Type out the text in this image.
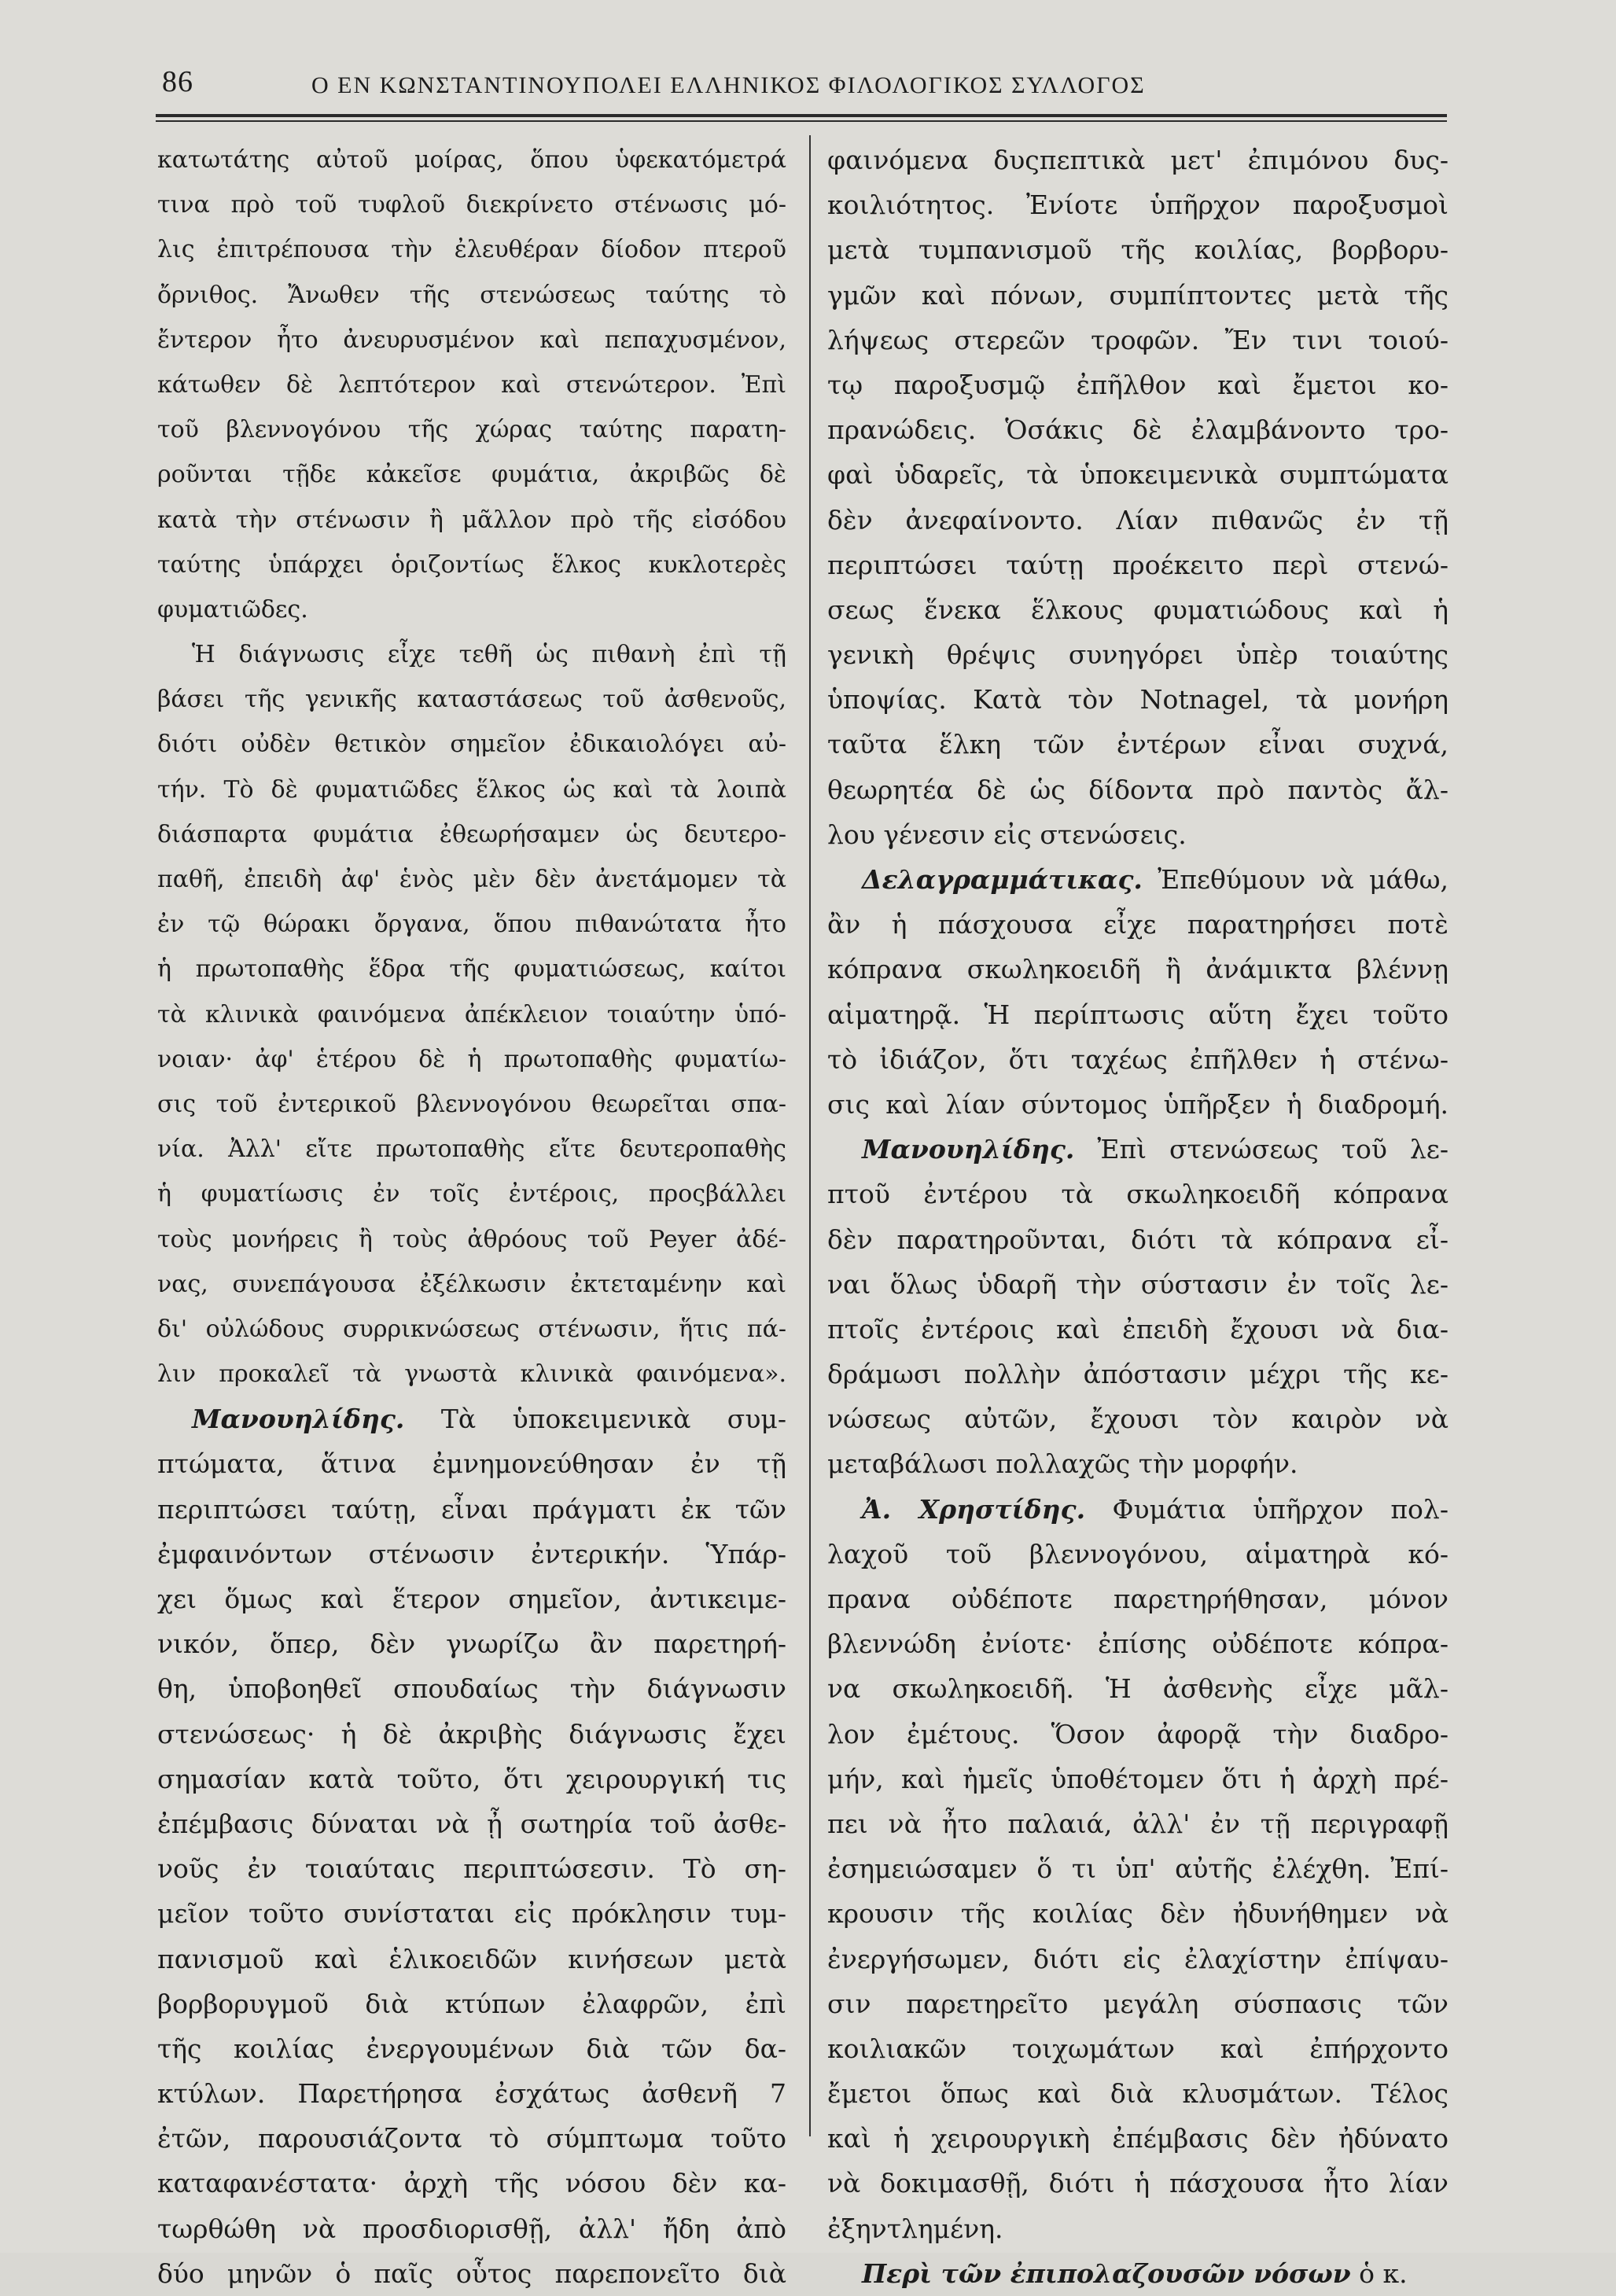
86	Ο ΕΝ ΚΩΝΣΤΑΝΤΙΝΟΥΠΟΛΕΙ ΕΛΛΗΝΙΚΟΣ ΦΙΛΟΛΟΓΙΚΟΣ ΣΥΛΛΟΓΟΣ
κατωτάτης αὐτοῦ μοίρας, ὅπου ὑφεκατόμετρά
τινα πρὸ τοῦ τυφλοῦ διεκρίνετο στένωσις μό-
λις ἐπιτρέπουσα τὴν ἐλευθέραν δίοδον πτεροῦ
ὄρνιθος. Ἄνωθεν τῆς στενώσεως ταύτης τὸ
ἔντερον ἦτο ἀνευρυσμένον καὶ πεπαχυσμένον,
κάτωθεν δὲ λεπτότερον καὶ στενώτερον. Ἐπὶ
τοῦ βλεννογόνου τῆς χώρας ταύτης παρατη-
ροῦνται τῇδε κἀκεῖσε φυμάτια, ἀκριβῶς δὲ
κατὰ τὴν στένωσιν ἢ μᾶλλον πρὸ τῆς εἰσόδου
ταύτης ὑπάρχει ὁριζοντίως ἕλκος κυκλοτερὲς
φυματιῶδες.
Ἡ διάγνωσις εἶχε τεθῆ ὡς πιθανὴ ἐπὶ τῇ
βάσει τῆς γενικῆς καταστάσεως τοῦ ἀσθενοῦς,
διότι οὐδὲν θετικὸν σημεῖον ἐδικαιολόγει αὐ-
τήν. Τὸ δὲ φυματιῶδες ἕλκος ὡς καὶ τὰ λοιπὰ
διάσπαρτα φυμάτια ἐθεωρήσαμεν ὡς δευτερο-
παθῆ, ἐπειδὴ ἀφ' ἑνὸς μὲν δὲν ἀνετάμομεν τὰ
ἐν τῷ θώρακι ὄργανα, ὅπου πιθανώτατα ἦτο
ἡ πρωτοπαθὴς ἕδρα τῆς φυματιώσεως, καίτοι
τὰ κλινικὰ φαινόμενα ἀπέκλειον τοιαύτην ὑπό-
νοιαν· ἀφ' ἑτέρου δὲ ἡ πρωτοπαθὴς φυματίω-
σις τοῦ ἐντερικοῦ βλεννογόνου θεωρεῖται σπα-
νία. Ἀλλ' εἴτε πρωτοπαθὴς εἴτε δευτεροπαθὴς
ἡ φυματίωσις ἐν τοῖς ἐντέροις, προςβάλλει
τοὺς μονήρεις ἢ τοὺς ἀθρόους τοῦ Peyer ἀδέ-
νας, συνεπάγουσα ἐξέλκωσιν ἐκτεταμένην καὶ
δι' οὐλώδους συρρικνώσεως στένωσιν, ἥτις πά-
λιν προκαλεῖ τὰ γνωστὰ κλινικὰ φαινόμενα».
Μανουηλίδης. Τὰ ὑποκειμενικὰ συμ-
πτώματα, ἅτινα ἐμνημονεύθησαν ἐν τῇ
περιπτώσει ταύτῃ, εἶναι πράγματι ἐκ τῶν
ἐμφαινόντων στένωσιν ἐντερικήν. Ὑπάρ-
χει ὅμως καὶ ἕτερον σημεῖον, ἀντικειμε-
νικόν, ὅπερ, δὲν γνωρίζω ἂν παρετηρή-
θη, ὑποβοηθεῖ σπουδαίως τὴν διάγνωσιν
στενώσεως· ἡ δὲ ἀκριβὴς διάγνωσις ἔχει
σημασίαν κατὰ τοῦτο, ὅτι χειρουργική τις
ἐπέμβασις δύναται νὰ ᾖ σωτηρία τοῦ ἀσθε-
νοῦς ἐν τοιαύταις περιπτώσεσιν. Τὸ ση-
μεῖον τοῦτο συνίσταται εἰς πρόκλησιν τυμ-
πανισμοῦ καὶ ἑλικοειδῶν κινήσεων μετὰ
βορβορυγμοῦ διὰ κτύπων ἐλαφρῶν, ἐπὶ
τῆς κοιλίας ἐνεργουμένων διὰ τῶν δα-
κτύλων. Παρετήρησα ἐσχάτως ἀσθενῆ 7
ἐτῶν, παρουσιάζοντα τὸ σύμπτωμα τοῦτο
καταφανέστατα· ἀρχὴ τῆς νόσου δὲν κα-
τωρθώθη νὰ προσδιορισθῇ, ἀλλ' ἤδη ἀπὸ
δύο μηνῶν ὁ παῖς οὗτος παρεπονεῖτο διὰ
φαινόμενα δυςπεπτικὰ μετ' ἐπιμόνου δυς-
κοιλιότητος. Ἐνίοτε ὑπῆρχον παροξυσμοὶ
μετὰ τυμπανισμοῦ τῆς κοιλίας, βορβορυ-
γμῶν καὶ πόνων, συμπίπτοντες μετὰ τῆς
λήψεως στερεῶν τροφῶν. Ἔν τινι τοιού-
τῳ παροξυσμῷ ἐπῆλθον καὶ ἔμετοι κο-
πρανώδεις. Ὁσάκις δὲ ἐλαμβάνοντο τρο-
φαὶ ὑδαρεῖς, τὰ ὑποκειμενικὰ συμπτώματα
δὲν ἀνεφαίνοντο. Λίαν πιθανῶς ἐν τῇ
περιπτώσει ταύτῃ προέκειτο περὶ στενώ-
σεως ἕνεκα ἕλκους φυματιώδους καὶ ἡ
γενικὴ θρέψις συνηγόρει ὑπὲρ τοιαύτης
ὑποψίας. Κατὰ τὸν Notnagel, τὰ μονήρη
ταῦτα ἕλκη τῶν ἐντέρων εἶναι συχνά,
θεωρητέα δὲ ὡς δίδοντα πρὸ παντὸς ἄλ-
λου γένεσιν εἰς στενώσεις.
Δελαγραμμάτικας. Ἐπεθύμουν νὰ μάθω,
ἂν ἡ πάσχουσα εἶχε παρατηρήσει ποτὲ
κόπρανα σκωληκοειδῆ ἢ ἀνάμικτα βλέννῃ
αἱματηρᾷ. Ἡ περίπτωσις αὕτη ἔχει τοῦτο
τὸ ἰδιάζον, ὅτι ταχέως ἐπῆλθεν ἡ στένω-
σις καὶ λίαν σύντομος ὑπῆρξεν ἡ διαδρομή.
Μανουηλίδης. Ἐπὶ στενώσεως τοῦ λε-
πτοῦ ἐντέρου τὰ σκωληκοειδῆ κόπρανα
δὲν παρατηροῦνται, διότι τὰ κόπρανα εἶ-
ναι ὅλως ὑδαρῆ τὴν σύστασιν ἐν τοῖς λε-
πτοῖς ἐντέροις καὶ ἐπειδὴ ἔχουσι νὰ δια-
δράμωσι πολλὴν ἀπόστασιν μέχρι τῆς κε-
νώσεως αὐτῶν, ἔχουσι τὸν καιρὸν νὰ
μεταβάλωσι πολλαχῶς τὴν μορφήν.
Ἀ. Χρηστίδης. Φυμάτια ὑπῆρχον πολ-
λαχοῦ τοῦ βλεννογόνου, αἱματηρὰ κό-
πρανα οὐδέποτε παρετηρήθησαν, μόνον
βλεννώδη ἐνίοτε· ἐπίσης οὐδέποτε κόπρα-
να σκωληκοειδῆ. Ἡ ἀσθενὴς εἶχε μᾶλ-
λον ἐμέτους. Ὅσον ἀφορᾷ τὴν διαδρο-
μήν, καὶ ἡμεῖς ὑποθέτομεν ὅτι ἡ ἀρχὴ πρέ-
πει νὰ ἦτο παλαιά, ἀλλ' ἐν τῇ περιγραφῇ
ἐσημειώσαμεν ὅ τι ὑπ' αὐτῆς ἐλέχθη. Ἐπί-
κρουσιν τῆς κοιλίας δὲν ἠδυνήθημεν νὰ
ἐνεργήσωμεν, διότι εἰς ἐλαχίστην ἐπίψαυ-
σιν παρετηρεῖτο μεγάλη σύσπασις τῶν
κοιλιακῶν τοιχωμάτων καὶ ἐπήρχοντο
ἔμετοι ὅπως καὶ διὰ κλυσμάτων. Τέλος
καὶ ἡ χειρουργικὴ ἐπέμβασις δὲν ἠδύνατο
νὰ δοκιμασθῇ, διότι ἡ πάσχουσα ἦτο λίαν
ἐξηντλημένη.
Περὶ τῶν ἐπιπολαζουσῶν νόσων ὁ κ.
